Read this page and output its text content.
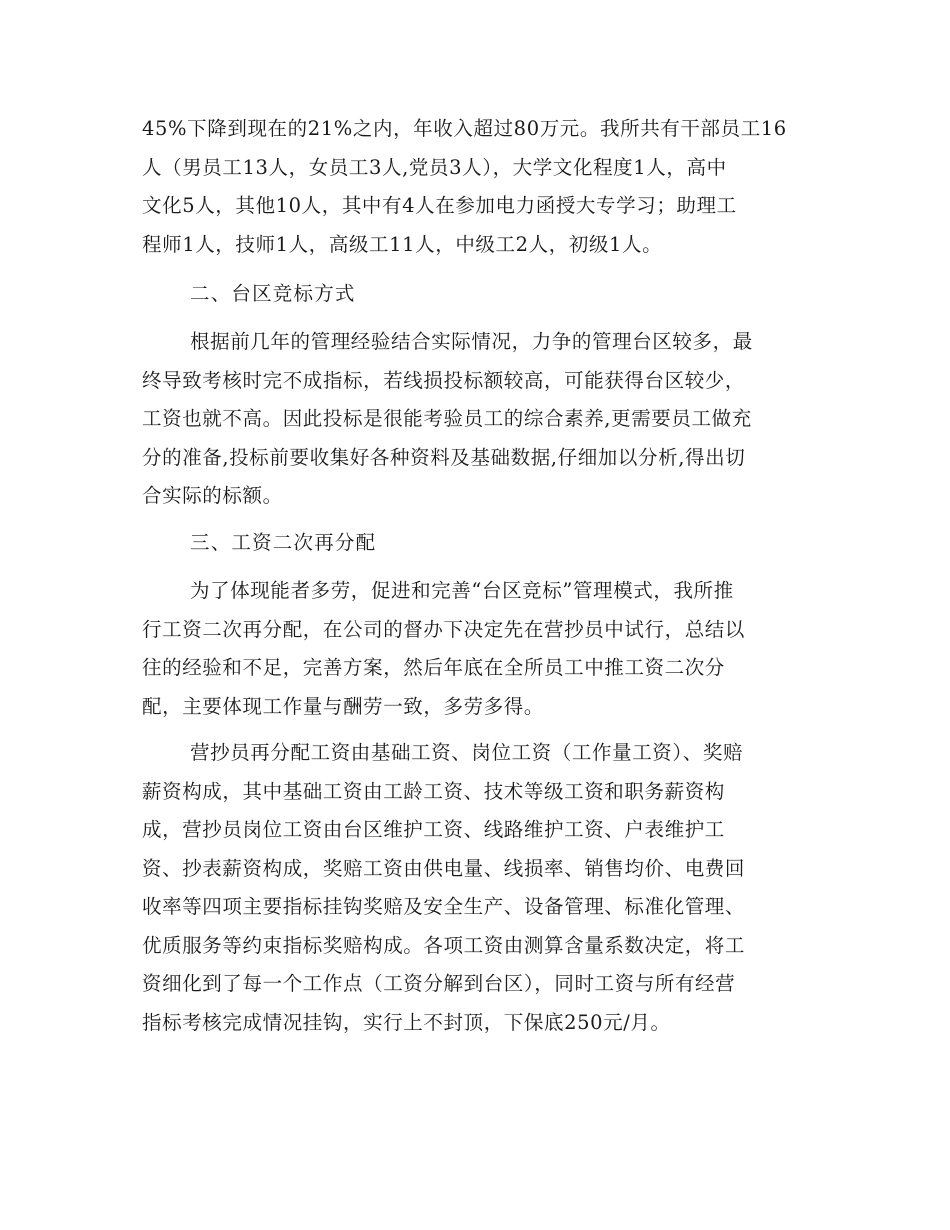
45%下降到现在的21%之内，年收入超过80万元。我所共有干部员工16
人（男员工13人，女员工3人,党员3人），大学文化程度1人，高中
文化5人，其他10人，其中有4人在参加电力函授大专学习；助理工
程师1人，技师1人，高级工11人，中级工2人，初级1人。
二、台区竞标方式
根据前几年的管理经验结合实际情况，力争的管理台区较多，最
终导致考核时完不成指标，若线损投标额较高，可能获得台区较少，
工资也就不高。因此投标是很能考验员工的综合素养,更需要员工做充
分的准备,投标前要收集好各种资料及基础数据,仔细加以分析,得出切
合实际的标额。
三、工资二次再分配
为了体现能者多劳，促进和完善“台区竞标”管理模式，我所推
行工资二次再分配，在公司的督办下决定先在营抄员中试行，总结以
往的经验和不足，完善方案，然后年底在全所员工中推工资二次分
配，主要体现工作量与酬劳一致，多劳多得。
营抄员再分配工资由基础工资、岗位工资（工作量工资）、奖赔
薪资构成，其中基础工资由工龄工资、技术等级工资和职务薪资构
成，营抄员岗位工资由台区维护工资、线路维护工资、户表维护工
资、抄表薪资构成，奖赔工资由供电量、线损率、销售均价、电费回
收率等四项主要指标挂钩奖赔及安全生产、设备管理、标准化管理、
优质服务等约束指标奖赔构成。各项工资由测算含量系数决定，将工
资细化到了每一个工作点（工资分解到台区），同时工资与所有经营
指标考核完成情况挂钩，实行上不封顶，下保底250元/月。
